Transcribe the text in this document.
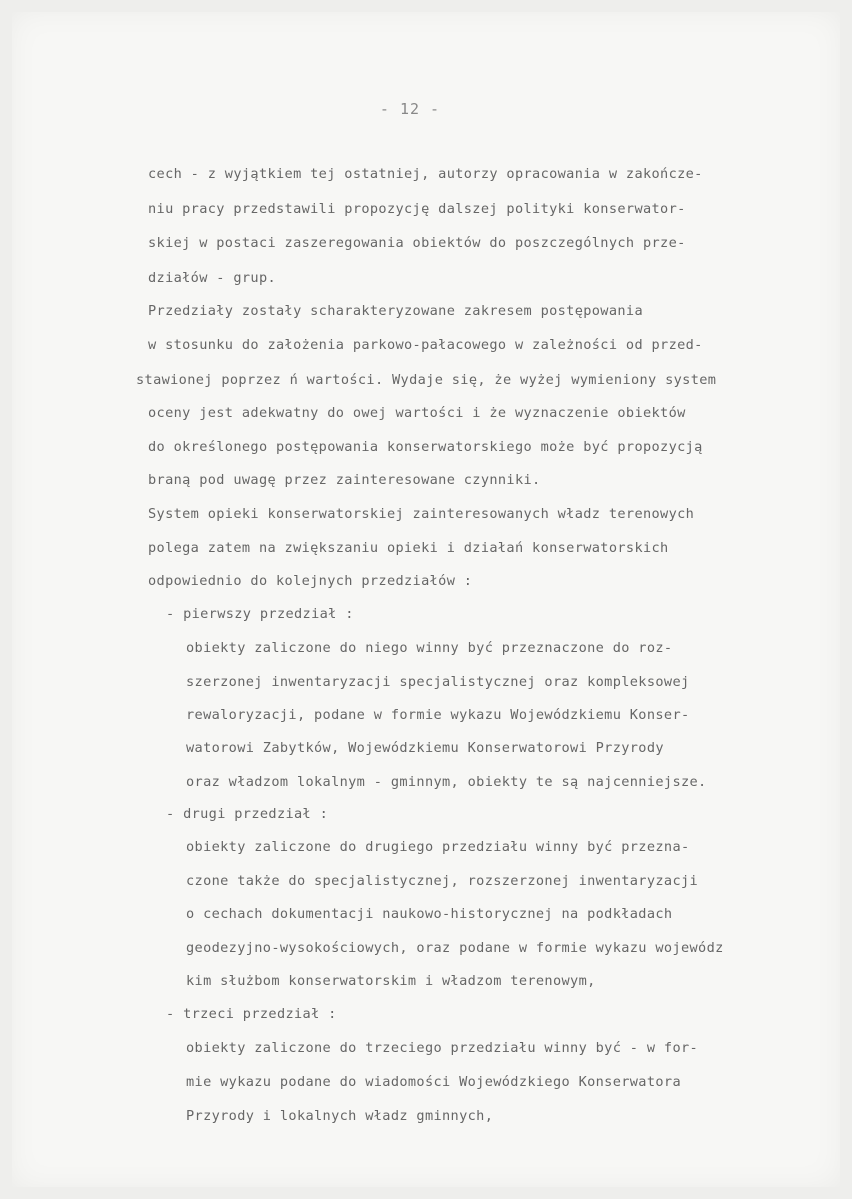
- 12 -
cech - z wyjątkiem tej ostatniej, autorzy opracowania w zakończe-
niu pracy przedstawili propozycję dalszej polityki konserwator-
skiej w postaci zaszeregowania obiektów do poszczególnych prze-
działów - grup.
Przedziały zostały scharakteryzowane zakresem postępowania
w stosunku do założenia parkowo-pałacowego w zależności od przed-
stawionej poprzez ń wartości. Wydaje się, że wyżej wymieniony system
oceny jest adekwatny do owej wartości i że wyznaczenie obiektów
do określonego postępowania konserwatorskiego może być propozycją
braną pod uwagę przez zainteresowane czynniki.
System opieki konserwatorskiej zainteresowanych władz terenowych
polega zatem na zwiększaniu opieki i działań konserwatorskich
odpowiednio do kolejnych przedziałów :
- pierwszy przedział :
obiekty zaliczone do niego winny być przeznaczone do roz-
szerzonej inwentaryzacji specjalistycznej oraz kompleksowej
rewaloryzacji, podane w formie wykazu Wojewódzkiemu Konser-
watorowi Zabytków, Wojewódzkiemu Konserwatorowi Przyrody
oraz władzom lokalnym - gminnym, obiekty te są najcenniejsze.
- drugi przedział :
obiekty zaliczone do drugiego przedziału winny być przezna-
czone także do specjalistycznej, rozszerzonej inwentaryzacji
o cechach dokumentacji naukowo-historycznej na podkładach
geodezyjno-wysokościowych, oraz podane w formie wykazu wojewódz
kim służbom konserwatorskim i władzom terenowym,
- trzeci przedział :
obiekty zaliczone do trzeciego przedziału winny być - w for-
mie wykazu podane do wiadomości Wojewódzkiego Konserwatora
Przyrody i lokalnych władz gminnych,
